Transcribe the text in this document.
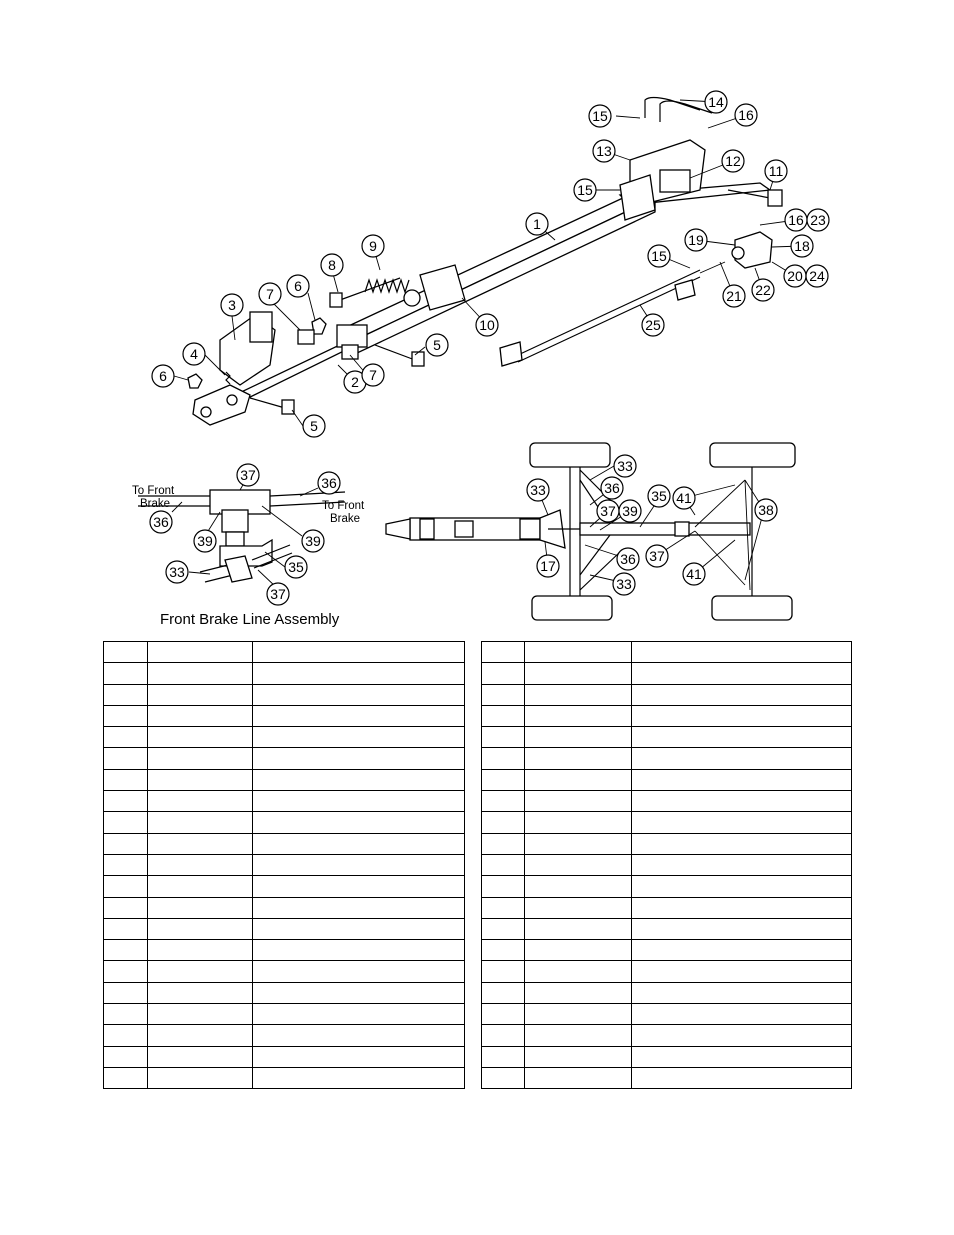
1
2
3
4
5
5
6
6
7
7
8
9
10
11
12
13
14
15
15
15
16
16 23
18
19
20 24
21 22
25
To Front
Brake	To Front
Brake
36
36
37
37
39	39
33	35
Front Brake Line Assembly
33
33
33
36
36
37
37
39
35 41
41
38
17
